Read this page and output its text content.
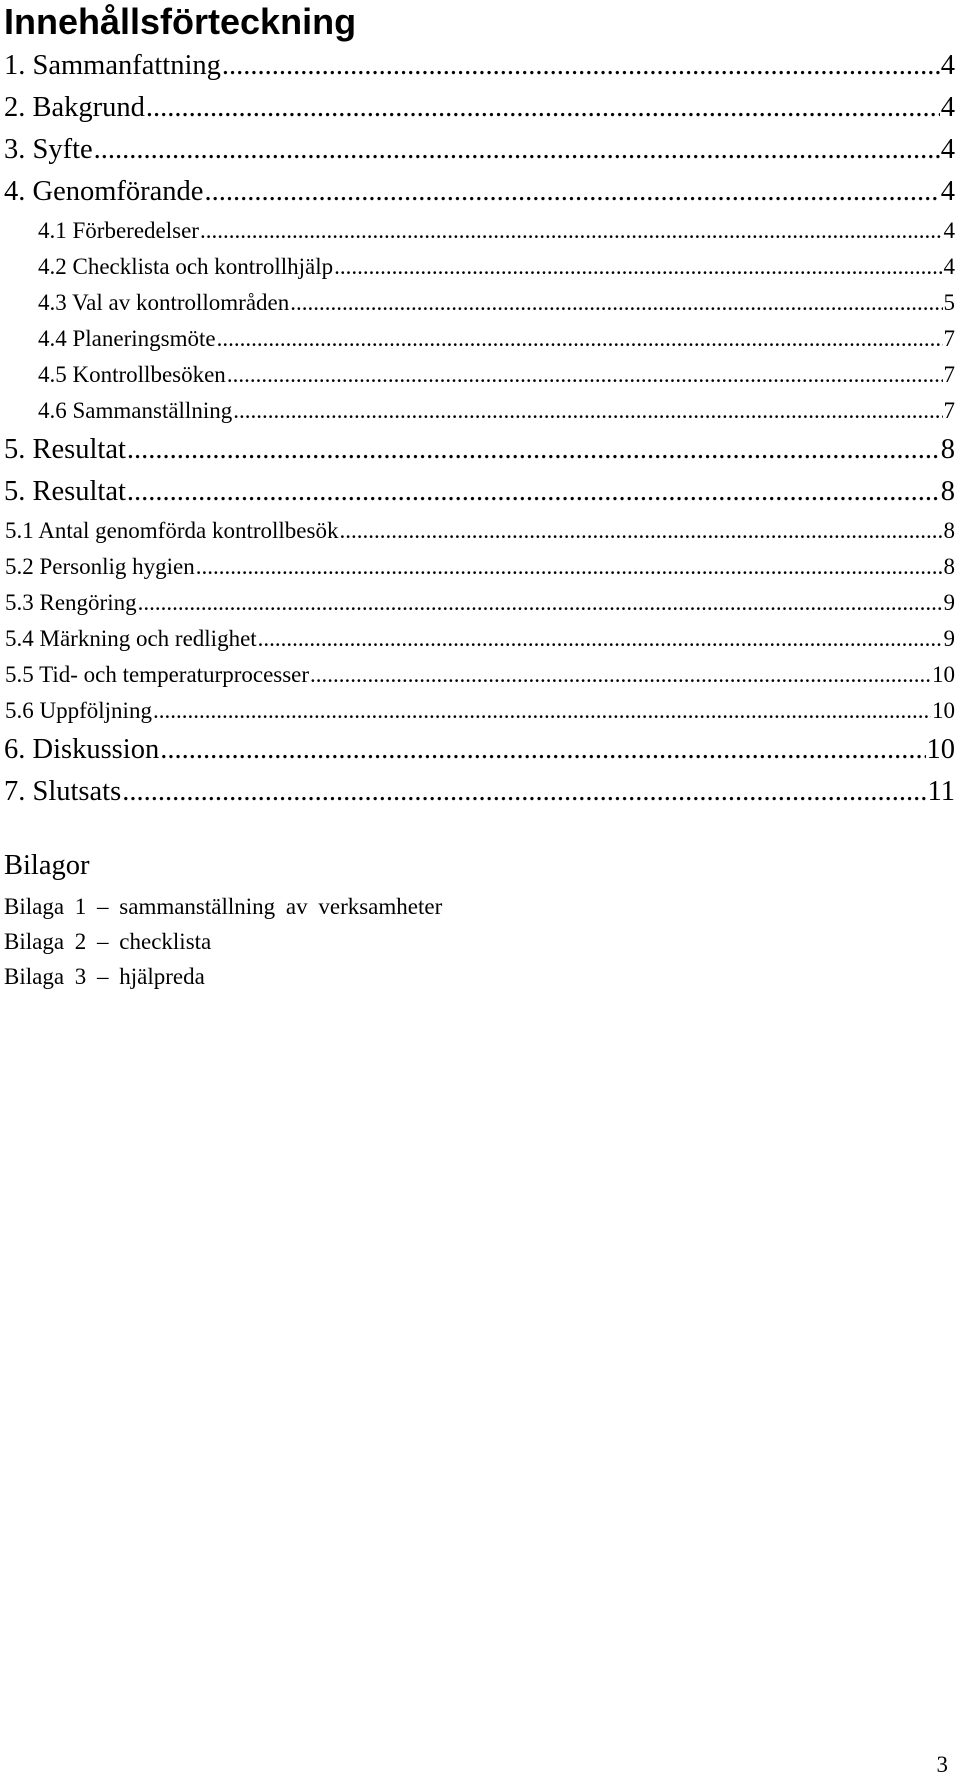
Innehållsförteckning
1. Sammanfattning .....	4
2. Bakgrund .....	4
3. Syfte .....	4
4. Genomförande .....	4
4.1 Förberedelser .....	4
4.2 Checklista och kontrollhjälp .....	4
4.3 Val av kontrollområden .....	5
4.4 Planeringsmöte .....	7
4.5 Kontrollbesöken .....	7
4.6 Sammanställning .....	7
5. Resultat .....	8
5. Resultat .....	8
5.1 Antal genomförda kontrollbesök .....	8
5.2 Personlig hygien .....	8
5.3 Rengöring .....	9
5.4 Märkning och redlighet .....	9
5.5 Tid- och temperaturprocesser .....	10
5.6 Uppföljning .....	10
6. Diskussion .....	10
7. Slutsats .....	11
Bilagor
Bilaga 1 – sammanställning av verksamheter
Bilaga 2 – checklista
Bilaga 3 – hjälpreda
3
